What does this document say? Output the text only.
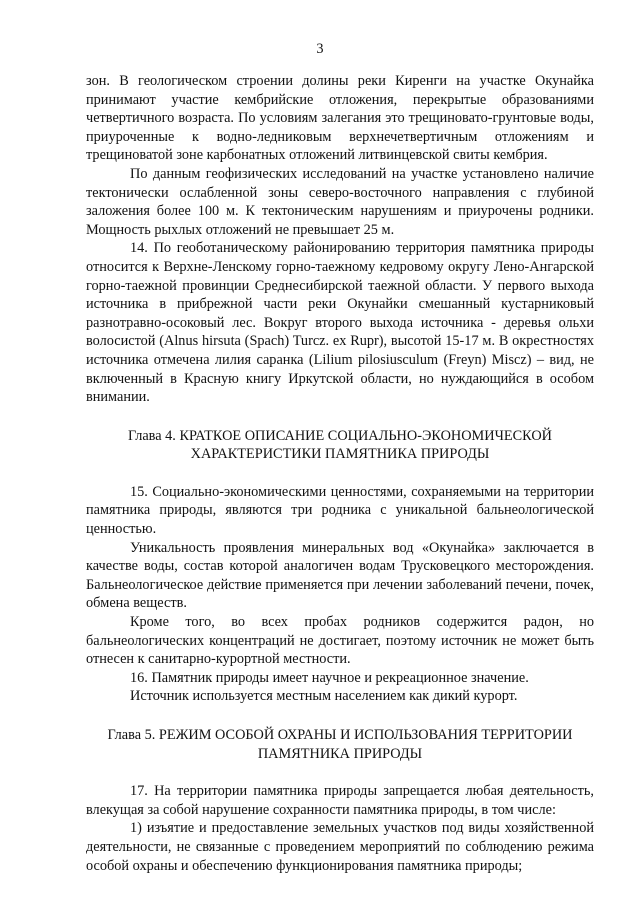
3

зон. В геологическом строении долины реки Киренги на участке Окунайка принимают участие кембрийские отложения, перекрытые образованиями четвертичного возраста. По условиям залегания это трещиновато-грунтовые воды, приуроченные к водно-ледниковым верхнечетвертичным отложениям и трещиноватой зоне карбонатных отложений литвинцевской свиты кембрия.

По данным геофизических исследований на участке установлено наличие тектонически ослабленной зоны северо-восточного направления с глубиной заложения более 100 м. К тектоническим нарушениям и приурочены родники. Мощность рыхлых отложений не превышает 25 м.

14. По геоботаническому районированию территория памятника природы относится к Верхне-Ленскому горно-таежному кедровому округу Лено-Ангарской горно-таежной провинции Среднесибирской таежной области. У первого выхода источника в прибрежной части реки Окунайки смешанный кустарниковый разнотравно-осоковый лес. Вокруг второго выхода источника - деревья ольхи волосистой (Alnus hirsuta (Spach) Turcz. ex Rupr), высотой 15-17 м. В окрестностях источника отмечена лилия саранка (Lilium pilosiusculum (Freyn) Miscz) – вид, не включенный в Красную книгу Иркутской области, но нуждающийся в особом внимании.

Глава 4. КРАТКОЕ ОПИСАНИЕ СОЦИАЛЬНО-ЭКОНОМИЧЕСКОЙ
ХАРАКТЕРИСТИКИ ПАМЯТНИКА ПРИРОДЫ

15. Социально-экономическими ценностями, сохраняемыми на территории памятника природы, являются три родника с уникальной бальнеологической ценностью.

Уникальность проявления минеральных вод «Окунайка» заключается в качестве воды, состав которой аналогичен водам Трусковецкого месторождения. Бальнеологическое действие применяется при лечении заболеваний печени, почек, обмена веществ.

Кроме того, во всех пробах родников содержится радон, но бальнеологических концентраций не достигает, поэтому источник не может быть отнесен к санитарно-курортной местности.

16. Памятник природы имеет научное и рекреационное значение.

Источник используется местным населением как дикий курорт.

Глава 5. РЕЖИМ ОСОБОЙ ОХРАНЫ И ИСПОЛЬЗОВАНИЯ ТЕРРИТОРИИ
ПАМЯТНИКА ПРИРОДЫ

17. На территории памятника природы запрещается любая деятельность, влекущая за собой нарушение сохранности памятника природы, в том числе:

1) изъятие и предоставление земельных участков под виды хозяйственной деятельности, не связанные с проведением мероприятий по соблюдению режима особой охраны и обеспечению функционирования памятника природы;
